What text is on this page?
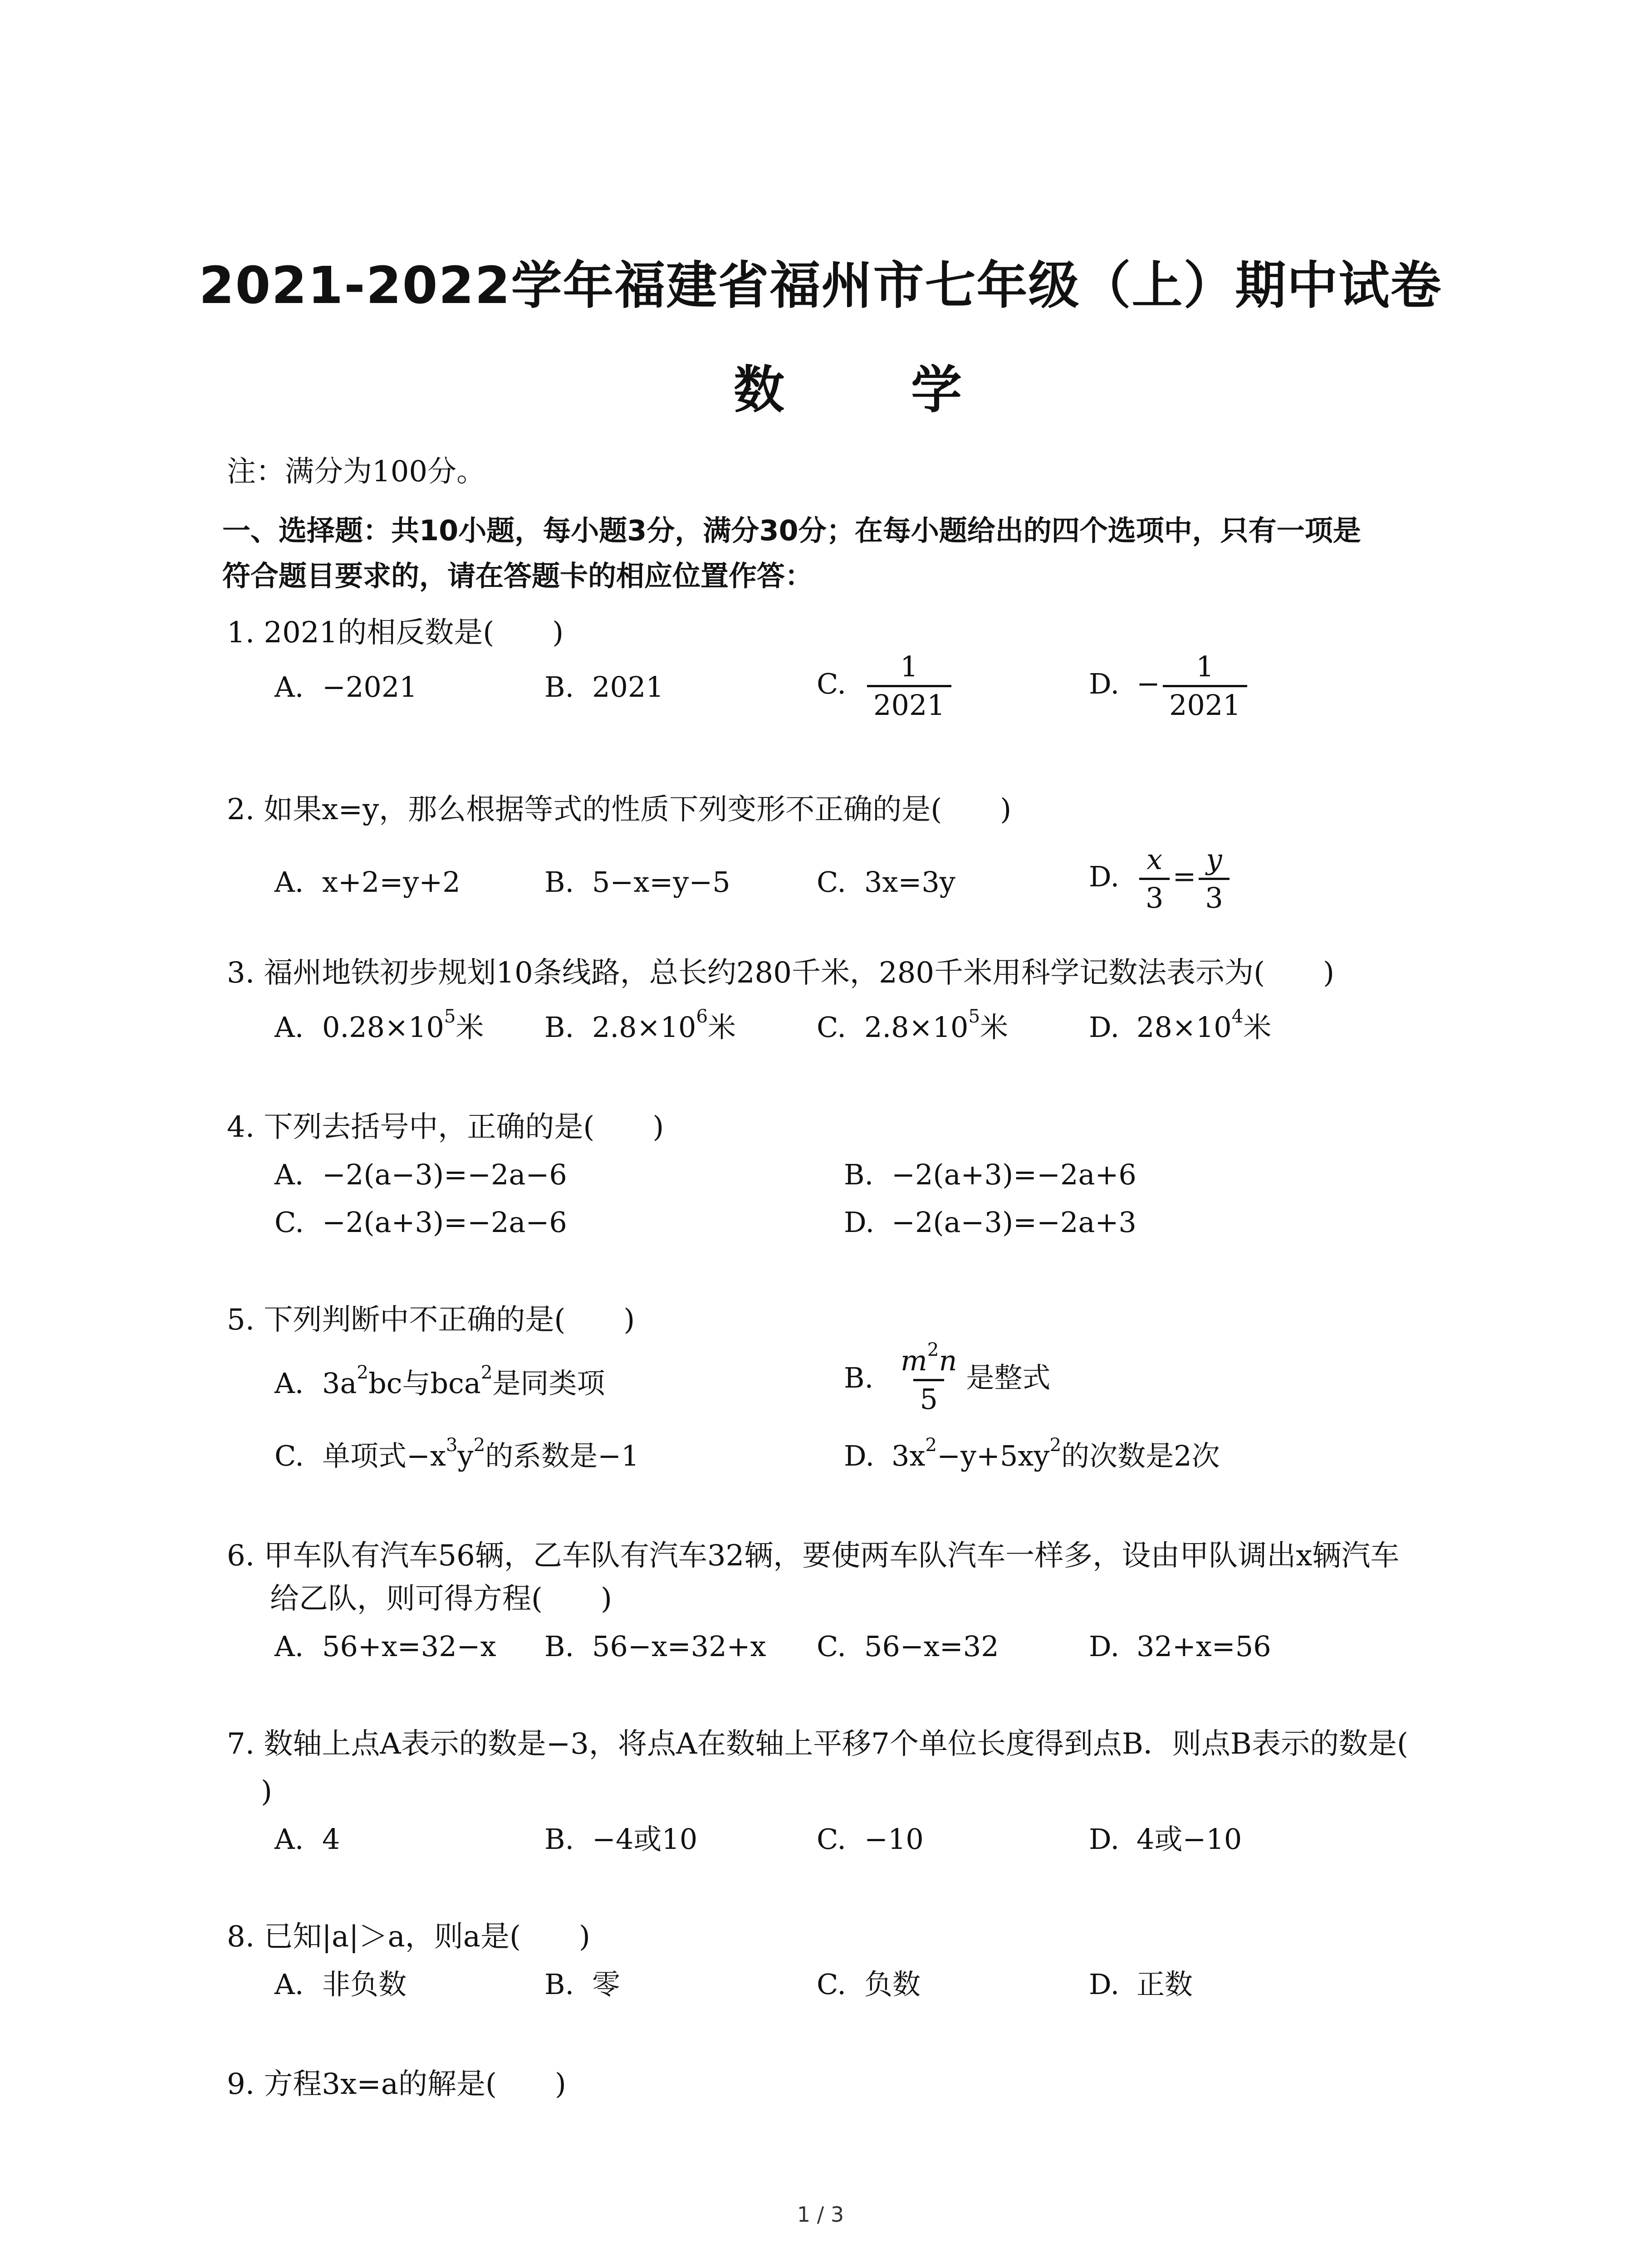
2021-2022学年福建省福州市七年级（上）期中试卷
数 学
注：满分为100分。
一、选择题：共10小题，每小题3分，满分30分；在每小题给出的四个选项中，只有一项是
符合题目要求的，请在答题卡的相应位置作答：
1. 2021的相反数是(　　)
A. −2021	B. 2021	C. $\frac{1}{2021}$	D. − $\frac{1}{2021}$
2. 如果x=y，那么根据等式的性质下列变形不正确的是(　　)
A. x+2=y+2	B. 5−x=y−5	C. 3x=3y	D. $\frac{x}{3} = \frac{y}{3}$
3. 福州地铁初步规划10条线路，总长约280千米，280千米用科学记数法表示为(　　)
A. $0.28\times 10^5$米 B. $2.8\times 10^6$米	C. $2.8\times 10^5$米	D. $28\times 10^4$米
4. 下列去括号中，正确的是(　　)
A. −2(a−3)=−2a−6	B. −2(a+3)=−2a+6
C. −2(a+3)=−2a−6	D. −2(a−3)=−2a+3
5. 下列判断中不正确的是(　　)
A. $3a^2bc$与bca$^2$是同类项	B. $\frac{m^2n}{5}$ 是整式
C. 单项式$-x^3y^2$的系数是−1	D. $3x^2-y+5xy^2$的次数是2次
6. 甲车队有汽车56辆，乙车队有汽车32辆，要使两车队汽车一样多，设由甲队调出x辆汽车
给乙队，则可得方程(　　)
A. 56+x=32−x B. 56−x=32+x C. 56−x=32	D. 32+x=56
7. 数轴上点A表示的数是−3，将点A在数轴上平移7个单位长度得到点B．则点B表示的数是(
)
A. 4	B. −4或10	C. −10	D. 4或−10
8. 已知|a|＞a，则a是(　　)
A. 非负数	B. 零	C. 负数	D. 正数
9. 方程3x=a的解是(　　)
1 / 3
